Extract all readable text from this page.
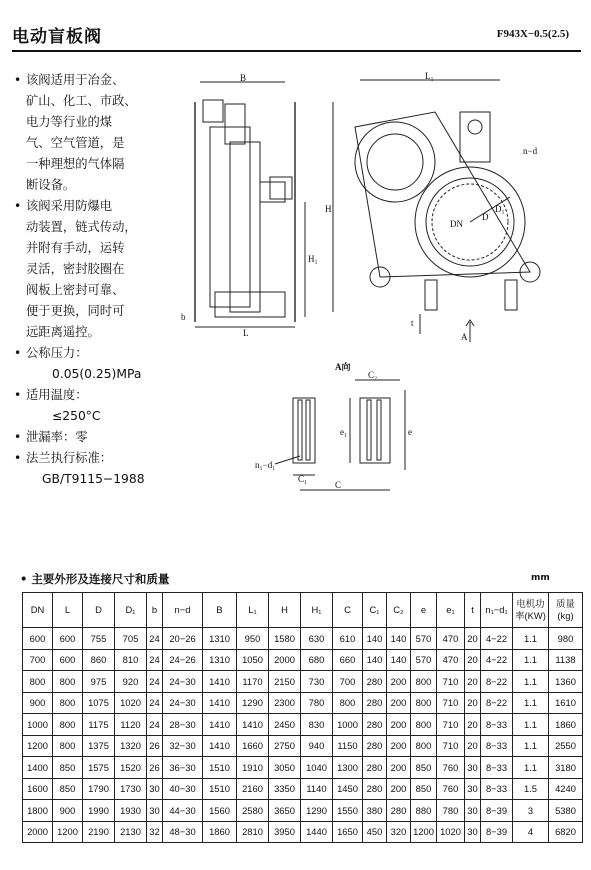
电动盲板阀	F943X−0.5(2.5)

• 该阀适用于冶金、

矿山、化工、市政、

电力等行业的煤

气、空气管道，是

一种理想的气体隔

断设备。

• 该阀采用防爆电

动装置，链式传动，

并附有手动，运转

灵活，密封胶圈在

阀板上密封可靠、

便于更换，同时可

远距离遥控。

• 公称压力：

0.05(0.25)MPa

• 适用温度：

≤250°C

• 泄漏率：零

• 法兰执行标准：

GB/T9115−1988

B
L
b
H₁
L₁
H
DN
D
D₁
n−d
t
A
A向
C₂
e₁	e
n₁−d₁
C₁
C
• 主要外形及连接尺寸和质量	mm
DN	L	D	D₁	b	n−d	B	L₁	H	H₁	C	C₁	C₂	e	e₁	t	n₁−d₁	电机功率(KW)	质量(kg)
600	600	755	705	24	20−26	1310	950	1580	630	610	140	140	570	470	20	4−22	1.1	980
700	600	860	810	24	24−26	1310	1050	2000	680	660	140	140	570	470	20	4−22	1.1	1138
800	800	975	920	24	24−30	1410	1170	2150	730	700	280	200	800	710	20	8−22	1.1	1360
900	800	1075	1020	24	24−30	1410	1290	2300	780	800	280	200	800	710	20	8−22	1.1	1610
1000	800	1175	1120	24	28−30	1410	1410	2450	830	1000	280	200	800	710	20	8−33	1.1	1860
1200	800	1375	1320	26	32−30	1410	1660	2750	940	1150	280	200	800	710	20	8−33	1.1	2550
1400	850	1575	1520	26	36−30	1510	1910	3050	1040	1300	280	200	850	760	30	8−33	1.1	3180
1600	850	1790	1730	30	40−30	1510	2160	3350	1140	1450	280	200	850	760	30	8−33	1.5	4240
1800	900	1990	1930	30	44−30	1560	2580	3650	1290	1550	380	280	880	780	30	8−39	3	5380
2000	1200	2190	2130	32	48−30	1860	2810	3950	1440	1650	450	320	1200	1020	30	8−39	4	6820
